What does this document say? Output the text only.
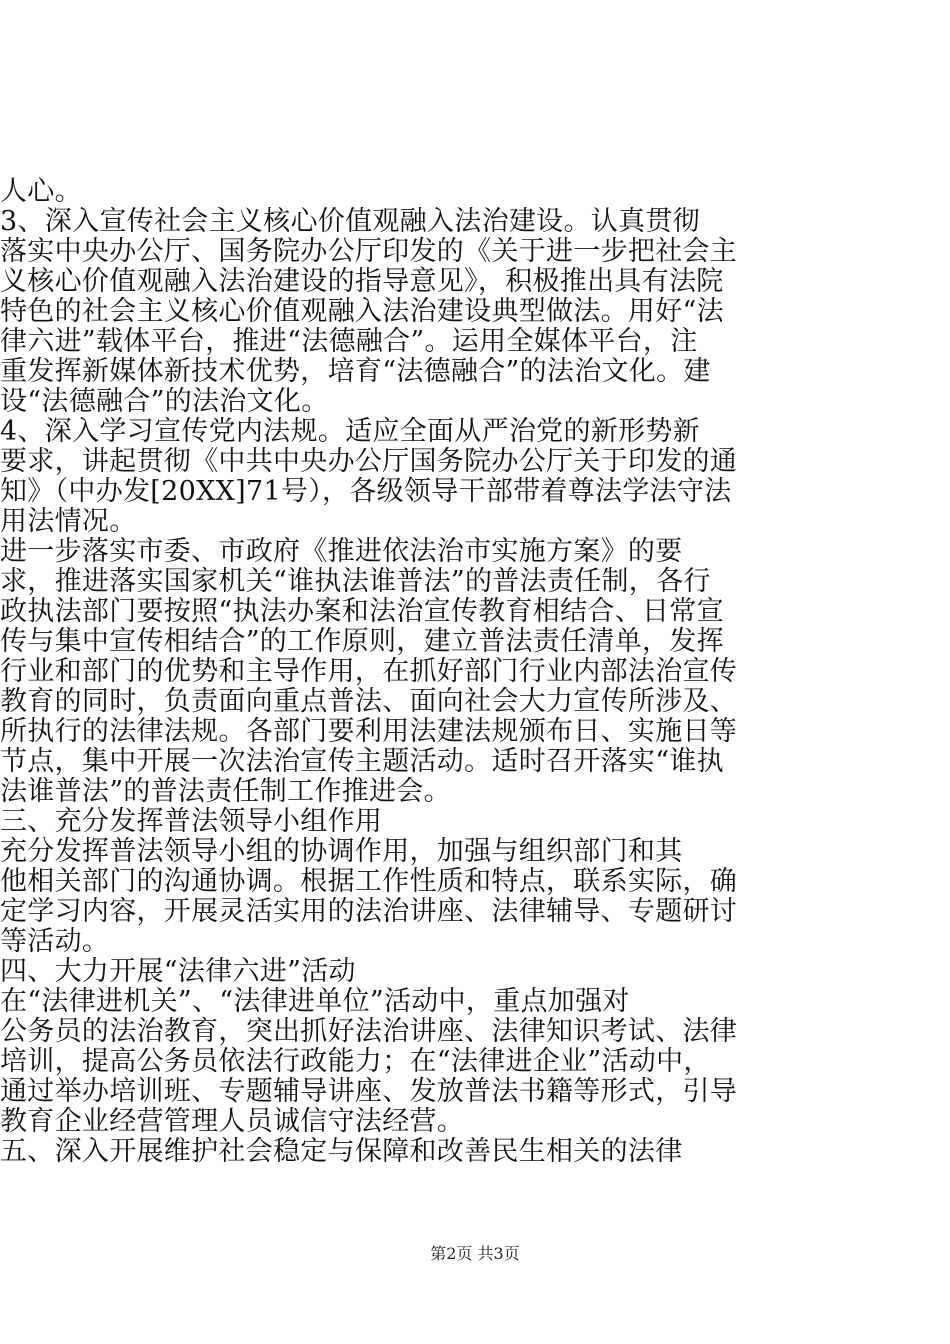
人心。

3、深入宣传社会主义核心价值观融入法治建设。认真贯彻

落实中央办公厅、国务院办公厅印发的《关于进一步把社会主

义核心价值观融入法治建设的指导意见》，积极推出具有法院

特色的社会主义核心价值观融入法治建设典型做法。用好“法

律六进”载体平台，推进“法德融合”。运用全媒体平台，注

重发挥新媒体新技术优势，培育“法德融合”的法治文化。建

设“法德融合”的法治文化。

4、深入学习宣传党内法规。适应全面从严治党的新形势新

要求，讲起贯彻《中共中央办公厅国务院办公厅关于印发的通

知》（中办发[20XX]71号），各级领导干部带着尊法学法守法

用法情况。

进一步落实市委、市政府《推进依法治市实施方案》的要

求，推进落实国家机关“谁执法谁普法”的普法责任制，各行

政执法部门要按照“执法办案和法治宣传教育相结合、日常宣

传与集中宣传相结合”的工作原则，建立普法责任清单，发挥

行业和部门的优势和主导作用，在抓好部门行业内部法治宣传

教育的同时，负责面向重点普法、面向社会大力宣传所涉及、

所执行的法律法规。各部门要利用法建法规颁布日、实施日等

节点，集中开展一次法治宣传主题活动。适时召开落实“谁执

法谁普法”的普法责任制工作推进会。

三、充分发挥普法领导小组作用

充分发挥普法领导小组的协调作用，加强与组织部门和其

他相关部门的沟通协调。根据工作性质和特点，联系实际，确

定学习内容，开展灵活实用的法治讲座、法律辅导、专题研讨

等活动。

四、大力开展“法律六进”活动

在“法律进机关”、“法律进单位”活动中，重点加强对

公务员的法治教育，突出抓好法治讲座、法律知识考试、法律

培训，提高公务员依法行政能力；在“法律进企业”活动中，

通过举办培训班、专题辅导讲座、发放普法书籍等形式，引导

教育企业经营管理人员诚信守法经营。

五、深入开展维护社会稳定与保障和改善民生相关的法律

第2页 共3页
